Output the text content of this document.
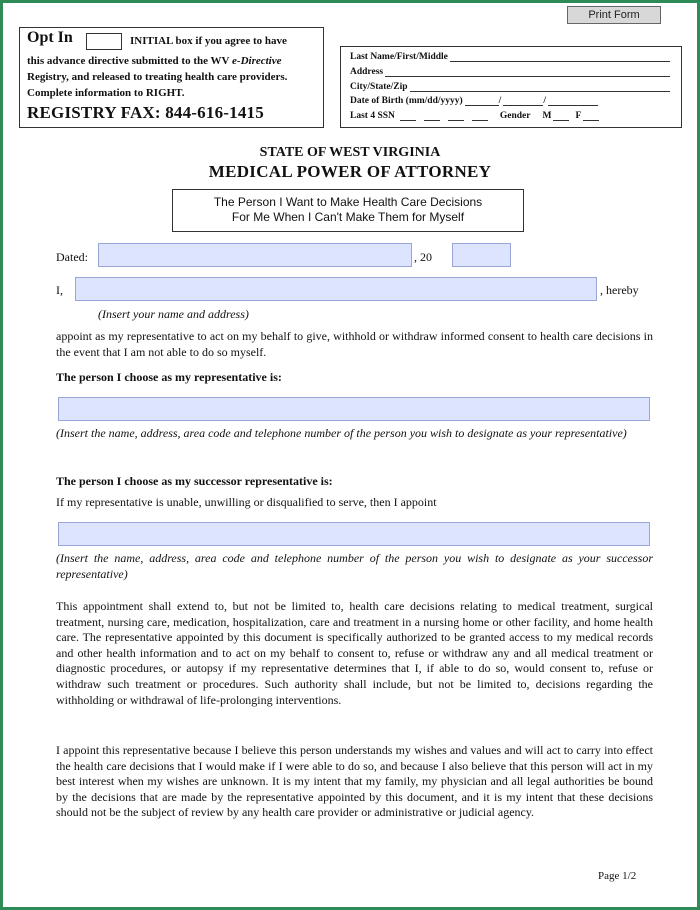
Print Form
Opt In	INITIAL box if you agree to have
this advance directive submitted to the WV e-Directive
Registry, and released to treating health care providers.
Complete information to RIGHT.
REGISTRY FAX: 844-616-1415
Last Name/First/Middle
Address
City/State/Zip
Date of Birth (mm/dd/yyyy)	/	/
Last 4 SSN	Gender M	F
STATE OF WEST VIRGINIA
MEDICAL POWER OF ATTORNEY
The Person I Want to Make Health Care Decisions
For Me When I Can't Make Them for Myself
Dated:	, 20
I,	, hereby
(Insert your name and address)
appoint as my representative to act on my behalf to give, withhold or withdraw informed consent to health care decisions in the event that I am not able to do so myself.
The person I choose as my representative is:
(Insert the name, address, area code and telephone number of the person you wish to designate as your representative)
The person I choose as my successor representative is:
If my representative is unable, unwilling or disqualified to serve, then I appoint
(Insert the name, address, area code and telephone number of the person you wish to designate as your successor representative)
This appointment shall extend to, but not be limited to, health care decisions relating to medical treatment, surgical treatment, nursing care, medication, hospitalization, care and treatment in a nursing home or other facility, and home health care. The representative appointed by this document is specifically authorized to be granted access to my medical records and other health information and to act on my behalf to consent to, refuse or withdraw any and all medical treatment or diagnostic procedures, or autopsy if my representative determines that I, if able to do so, would consent to, refuse or withdraw such treatment or procedures. Such authority shall include, but not be limited to, decisions regarding the withholding or withdrawal of life-prolonging interventions.
I appoint this representative because I believe this person understands my wishes and values and will act to carry into effect the health care decisions that I would make if I were able to do so, and because I also believe that this person will act in my best interest when my wishes are unknown. It is my intent that my family, my physician and all legal authorities be bound by the decisions that are made by the representative appointed by this document, and it is my intent that these decisions should not be the subject of review by any health care provider or administrative or judicial agency.
Page 1/2
